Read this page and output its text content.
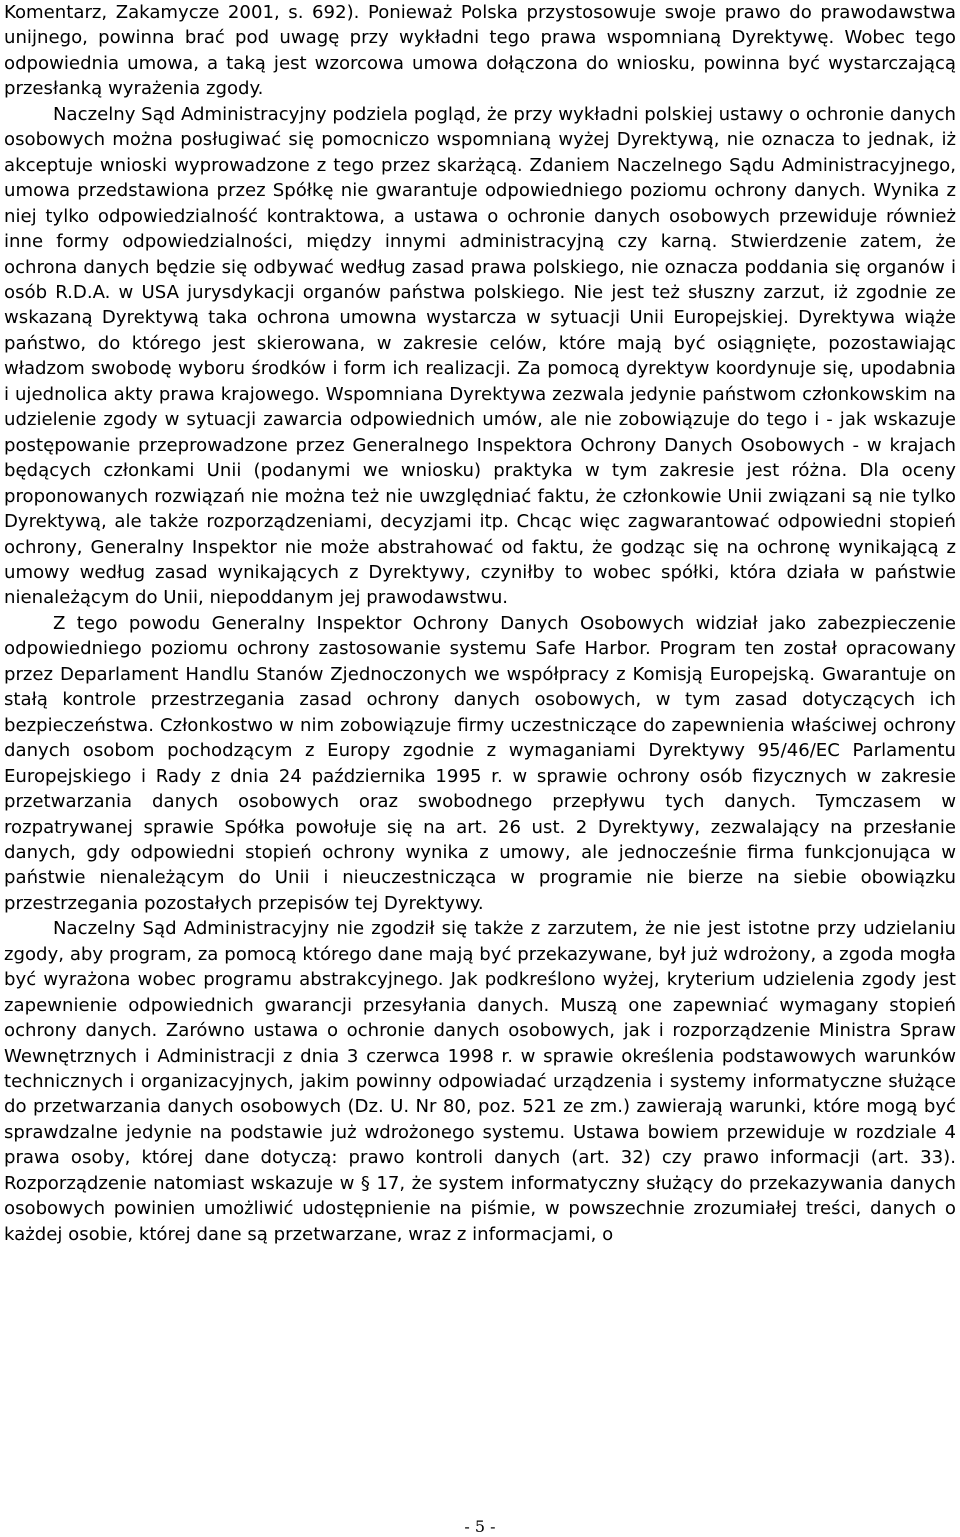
Komentarz, Zakamycze 2001, s. 692). Ponieważ Polska przystosowuje swoje prawo do prawodawstwa unijnego, powinna brać pod uwagę przy wykładni tego prawa wspomnianą Dyrektywę. Wobec tego odpowiednia umowa, a taką jest wzorcowa umowa dołączona do wniosku, powinna być wystarczającą przesłanką wyrażenia zgody.

Naczelny Sąd Administracyjny podziela pogląd, że przy wykładni polskiej ustawy o ochronie danych osobowych można posługiwać się pomocniczo wspomnianą wyżej Dyrektywą, nie oznacza to jednak, iż akceptuje wnioski wyprowadzone z tego przez skarżącą. Zdaniem Naczelnego Sądu Administracyjnego, umowa przedstawiona przez Spółkę nie gwarantuje odpowiedniego poziomu ochrony danych. Wynika z niej tylko odpowiedzialność kontraktowa, a ustawa o ochronie danych osobowych przewiduje również inne formy odpowiedzialności, między innymi administracyjną czy karną. Stwierdzenie zatem, że ochrona danych będzie się odbywać według zasad prawa polskiego, nie oznacza poddania się organów i osób R.D.A. w USA jurysdykacji organów państwa polskiego. Nie jest też słuszny zarzut, iż zgodnie ze wskazaną Dyrektywą taka ochrona umowna wystarcza w sytuacji Unii Europejskiej. Dyrektywa wiąże państwo, do którego jest skierowana, w zakresie celów, które mają być osiągnięte, pozostawiając władzom swobodę wyboru środków i form ich realizacji. Za pomocą dyrektyw koordynuje się, upodabnia i ujednolica akty prawa krajowego. Wspomniana Dyrektywa zezwala jedynie państwom członkowskim na udzielenie zgody w sytuacji zawarcia odpowiednich umów, ale nie zobowiązuje do tego i - jak wskazuje postępowanie przeprowadzone przez Generalnego Inspektora Ochrony Danych Osobowych - w krajach będących członkami Unii (podanymi we wniosku) praktyka w tym zakresie jest różna. Dla oceny proponowanych rozwiązań nie można też nie uwzględniać faktu, że członkowie Unii związani są nie tylko Dyrektywą, ale także rozporządzeniami, decyzjami itp. Chcąc więc zagwarantować odpowiedni stopień ochrony, Generalny Inspektor nie może abstrahować od faktu, że godząc się na ochronę wynikającą z umowy według zasad wynikających z Dyrektywy, czyniłby to wobec spółki, która działa w państwie nienależącym do Unii, niepoddanym jej prawodawstwu.

Z tego powodu Generalny Inspektor Ochrony Danych Osobowych widział jako zabezpieczenie odpowiedniego poziomu ochrony zastosowanie systemu Safe Harbor. Program ten został opracowany przez Deparlament Handlu Stanów Zjednoczonych we współpracy z Komisją Europejską. Gwarantuje on stałą kontrole przestrzegania zasad ochrony danych osobowych, w tym zasad dotyczących ich bezpieczeństwa. Członkostwo w nim zobowiązuje firmy uczestniczące do zapewnienia właściwej ochrony danych osobom pochodzącym z Europy zgodnie z wymaganiami Dyrektywy 95/46/EC Parlamentu Europejskiego i Rady z dnia 24 października 1995 r. w sprawie ochrony osób fizycznych w zakresie przetwarzania danych osobowych oraz swobodnego przepływu tych danych. Tymczasem w rozpatrywanej sprawie Spółka powołuje się na art. 26 ust. 2 Dyrektywy, zezwalający na przesłanie danych, gdy odpowiedni stopień ochrony wynika z umowy, ale jednocześnie firma funkcjonująca w państwie nienależącym do Unii i nieuczestnicząca w programie nie bierze na siebie obowiązku przestrzegania pozostałych przepisów tej Dyrektywy.

Naczelny Sąd Administracyjny nie zgodził się także z zarzutem, że nie jest istotne przy udzielaniu zgody, aby program, za pomocą którego dane mają być przekazywane, był już wdrożony, a zgoda mogła być wyrażona wobec programu abstrakcyjnego. Jak podkreślono wyżej, kryterium udzielenia zgody jest zapewnienie odpowiednich gwarancji przesyłania danych. Muszą one zapewniać wymagany stopień ochrony danych. Zarówno ustawa o ochronie danych osobowych, jak i rozporządzenie Ministra Spraw Wewnętrznych i Administracji z dnia 3 czerwca 1998 r. w sprawie określenia podstawowych warunków technicznych i organizacyjnych, jakim powinny odpowiadać urządzenia i systemy informatyczne służące do przetwarzania danych osobowych (Dz. U. Nr 80, poz. 521 ze zm.) zawierają warunki, które mogą być sprawdzalne jedynie na podstawie już wdrożonego systemu. Ustawa bowiem przewiduje w rozdziale 4 prawa osoby, której dane dotyczą: prawo kontroli danych (art. 32) czy prawo informacji (art. 33). Rozporządzenie natomiast wskazuje w § 17, że system informatyczny służący do przekazywania danych osobowych powinien umożliwić udostępnienie na piśmie, w powszechnie zrozumiałej treści, danych o każdej osobie, której dane są przetwarzane, wraz z informacjami, o

- 5 -
